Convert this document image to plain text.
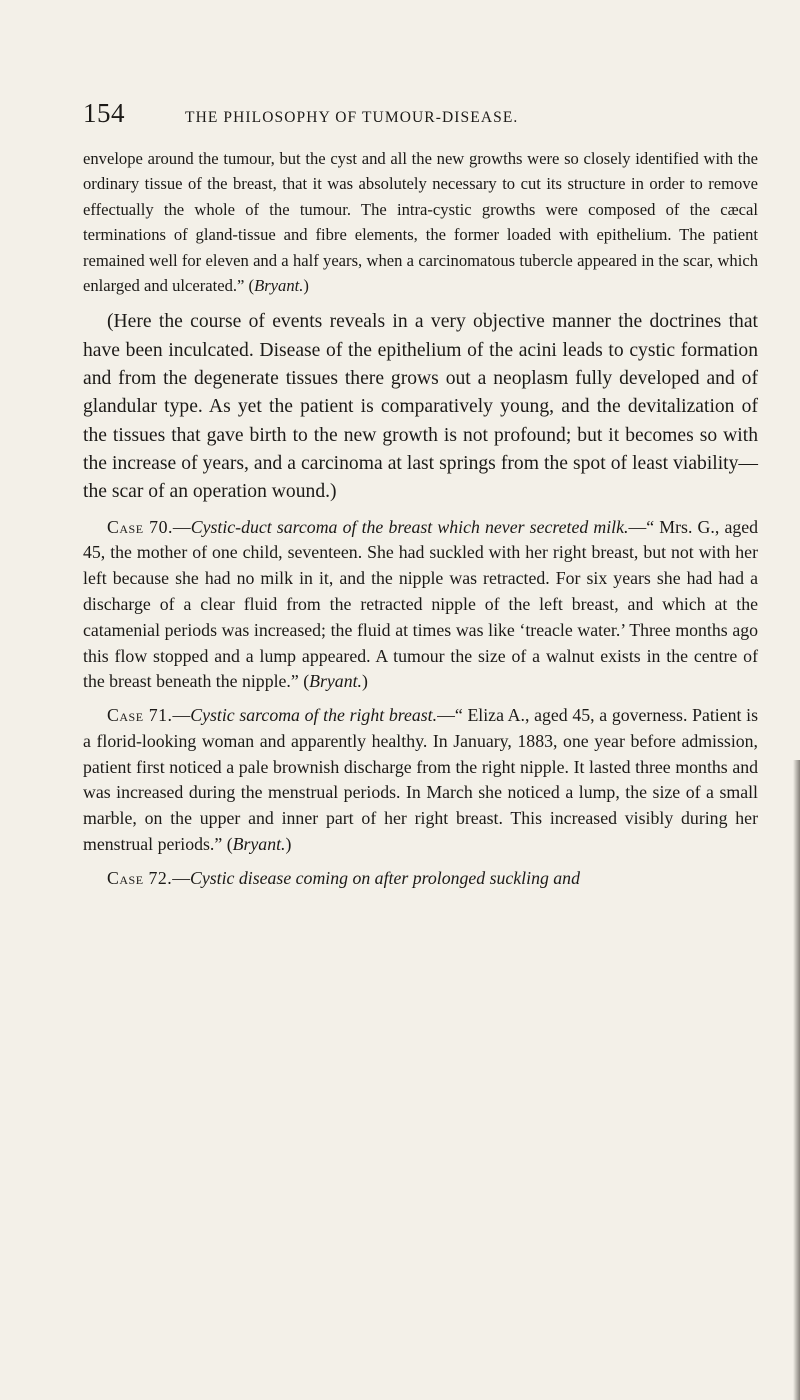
154	THE PHILOSOPHY OF TUMOUR-DISEASE.

envelope around the tumour, but the cyst and all the new growths were so closely identified with the ordinary tissue of the breast, that it was absolutely necessary to cut its structure in order to remove effectually the whole of the tumour. The intra-cystic growths were composed of the cæcal terminations of gland-tissue and fibre elements, the former loaded with epithelium. The patient remained well for eleven and a half years, when a carcinomatous tubercle appeared in the scar, which enlarged and ulcerated.” (Bryant.)

(Here the course of events reveals in a very objective manner the doctrines that have been inculcated. Disease of the epithelium of the acini leads to cystic formation and from the degenerate tissues there grows out a neoplasm fully developed and of glandular type. As yet the patient is comparatively young, and the devitalization of the tissues that gave birth to the new growth is not profound; but it becomes so with the increase of years, and a carcinoma at last springs from the spot of least viability—the scar of an operation wound.)

Case 70.—Cystic-duct sarcoma of the breast which never secreted milk.—“ Mrs. G., aged 45, the mother of one child, seventeen. She had suckled with her right breast, but not with her left because she had no milk in it, and the nipple was retracted. For six years she had had a discharge of a clear fluid from the retracted nipple of the left breast, and which at the catamenial periods was increased; the fluid at times was like ‘treacle water.’ Three months ago this flow stopped and a lump appeared. A tumour the size of a walnut exists in the centre of the breast beneath the nipple.” (Bryant.)

Case 71.—Cystic sarcoma of the right breast.—“ Eliza A., aged 45, a governess. Patient is a florid-looking woman and apparently healthy. In January, 1883, one year before admission, patient first noticed a pale brownish discharge from the right nipple. It lasted three months and was increased during the menstrual periods. In March she noticed a lump, the size of a small marble, on the upper and inner part of her right breast. This increased visibly during her menstrual periods.” (Bryant.)

Case 72.—Cystic disease coming on after prolonged suckling and
